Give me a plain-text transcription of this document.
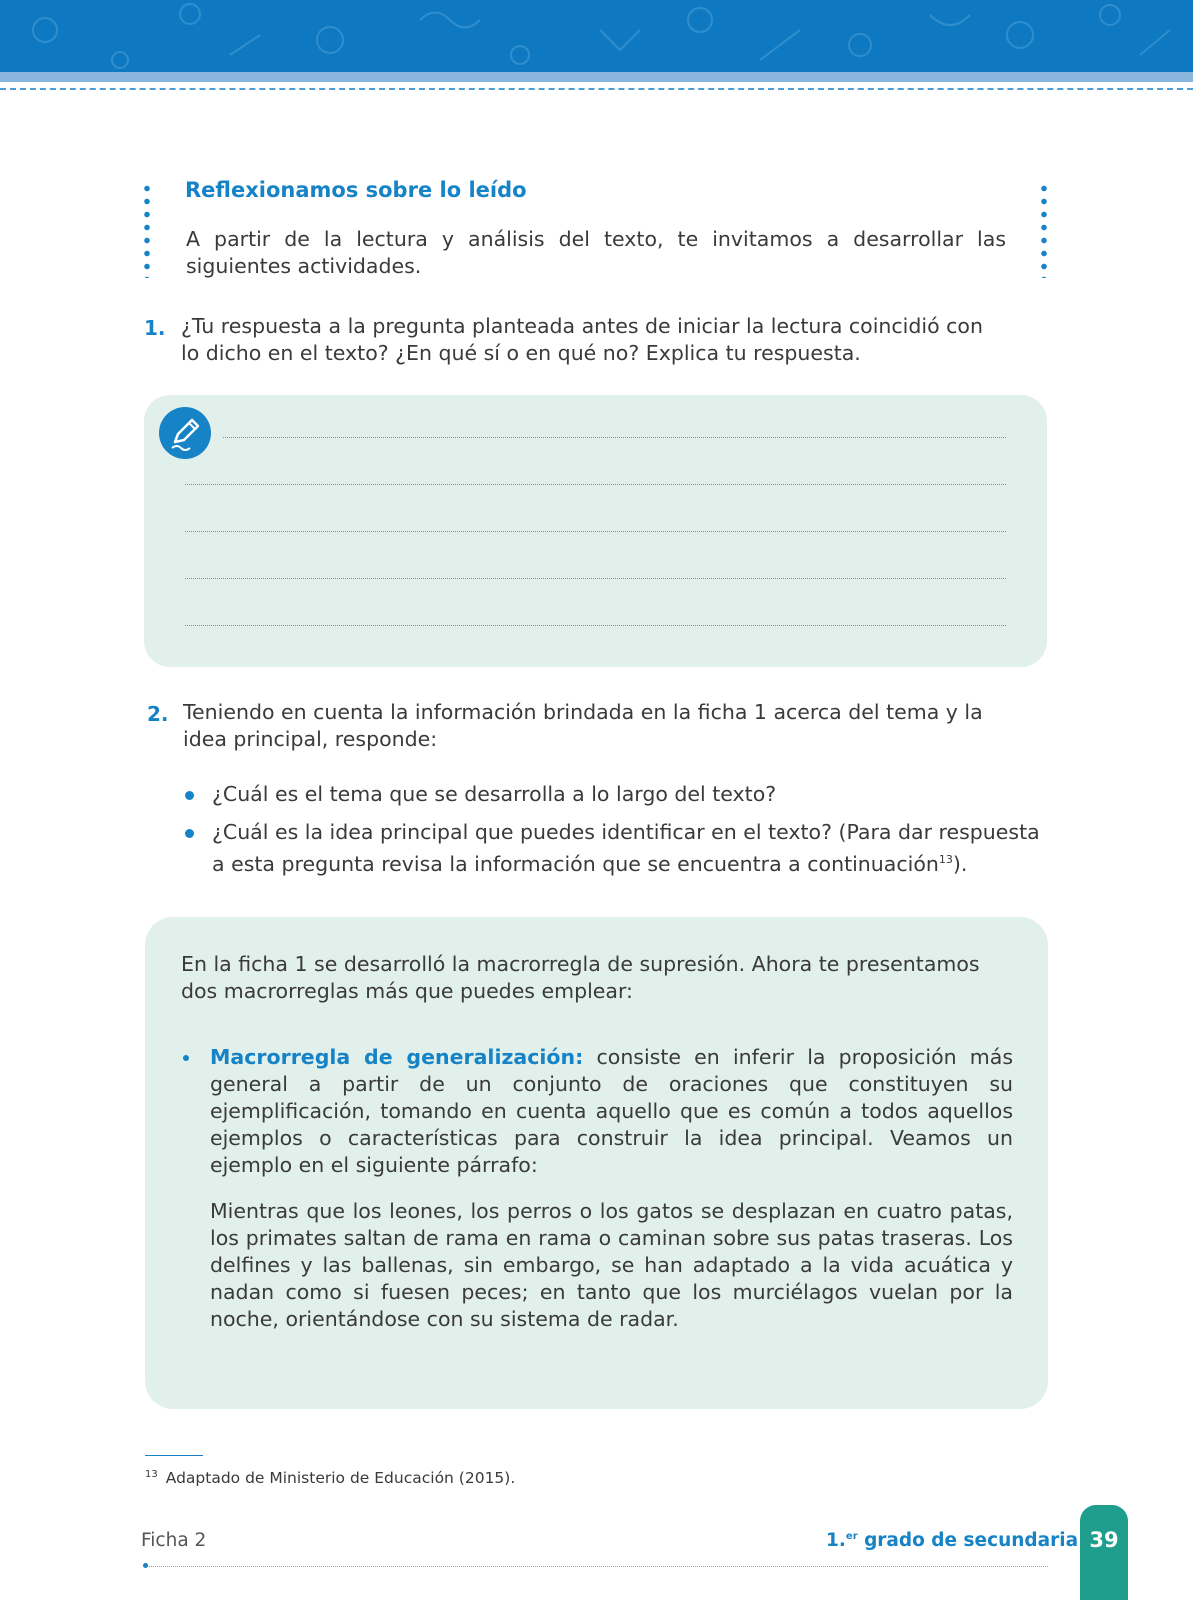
Reflexionamos sobre lo leído
A partir de la lectura y análisis del texto, te invitamos a desarrollar las siguientes actividades.
1. ¿Tu respuesta a la pregunta planteada antes de iniciar la lectura coincidió con
lo dicho en el texto? ¿En qué sí o en qué no? Explica tu respuesta.
2. Teniendo en cuenta la información brindada en la ficha 1 acerca del tema y la
idea principal, responde:
¿Cuál es el tema que se desarrolla a lo largo del texto?
¿Cuál es la idea principal que puedes identificar en el texto? (Para dar respuesta
a esta pregunta revisa la información que se encuentra a continuación$^{13}$).
En la ficha 1 se desarrolló la macrorregla de supresión. Ahora te presentamos
dos macrorreglas más que puedes emplear:
Macrorregla de generalización: consiste en inferir la proposición más general a partir de un conjunto de oraciones que constituyen su ejemplificación, tomando en cuenta aquello que es común a todos aquellos ejemplos o características para construir la idea principal. Veamos un ejemplo en el siguiente párrafo:
Mientras que los leones, los perros o los gatos se desplazan en cuatro patas, los primates saltan de rama en rama o caminan sobre sus patas traseras. Los delfines y las ballenas, sin embargo, se han adaptado a la vida acuática y nadan como si fuesen peces; en tanto que los murciélagos vuelan por la noche, orientándose con su sistema de radar.
$^{13}$ Adaptado de Ministerio de Educación (2015).
Ficha 2	1.$^{er}$ grado de secundaria 39
